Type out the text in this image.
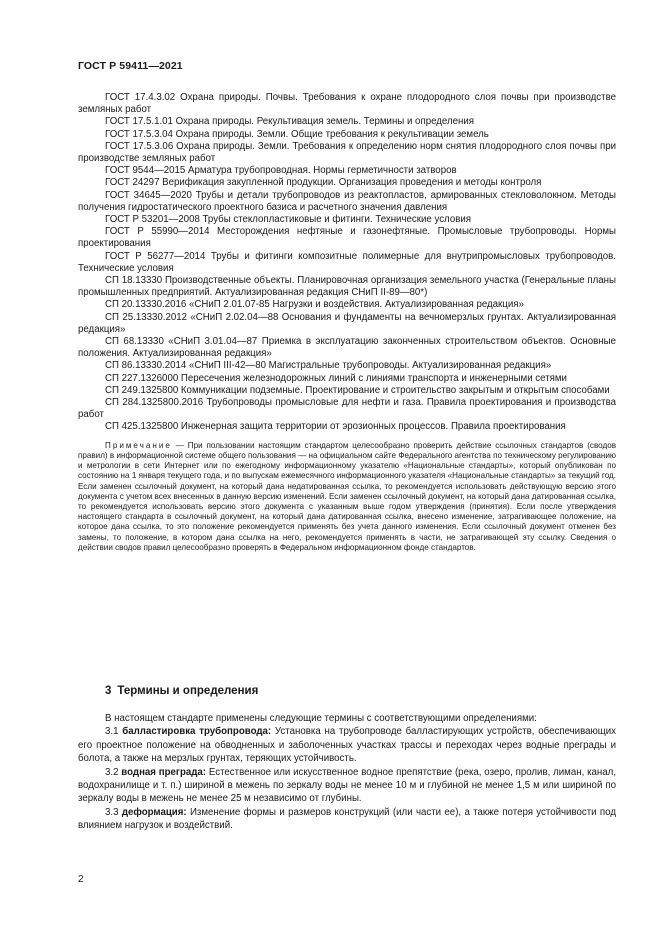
ГОСТ Р 59411—2021

ГОСТ 17.4.3.02 Охрана природы. Почвы. Требования к охране плодородного слоя почвы при производстве земляных работ

ГОСТ 17.5.1.01 Охрана природы. Рекультивация земель. Термины и определения

ГОСТ 17.5.3.04 Охрана природы. Земли. Общие требования к рекультивации земель

ГОСТ 17.5.3.06 Охрана природы. Земли. Требования к определению норм снятия плодородного слоя почвы при производстве земляных работ

ГОСТ 9544—2015 Арматура трубопроводная. Нормы герметичности затворов

ГОСТ 24297 Верификация закупленной продукции. Организация проведения и методы контроля

ГОСТ 34645—2020 Трубы и детали трубопроводов из реактопластов, армированных стекловолокном. Методы получения гидростатического проектного базиса и расчетного значения давления

ГОСТ Р 53201—2008 Трубы стеклопластиковые и фитинги. Технические условия

ГОСТ Р 55990—2014 Месторождения нефтяные и газонефтяные. Промысловые трубопроводы. Нормы проектирования

ГОСТ Р 56277—2014 Трубы и фитинги композитные полимерные для внутрипромысловых трубопроводов. Технические условия

СП 18.13330 Производственные объекты. Планировочная организация земельного участка (Генеральные планы промышленных предприятий. Актуализированная редакция СНиП II-89—80*)

СП 20.13330.2016 «СНиП 2.01.07-85 Нагрузки и воздействия. Актуализированная редакция»

СП 25.13330.2012 «СНиП 2.02.04—88 Основания и фундаменты на вечномерзлых грунтах. Актуализированная редакция»

СП 68.13330 «СНиП 3.01.04—87 Приемка в эксплуатацию законченных строительством объектов. Основные положения. Актуализированная редакция»

СП 86.13330.2014 «СНиП III-42—80 Магистральные трубопроводы. Актуализированная редакция»

СП 227.1326000 Пересечения железнодорожных линий с линиями транспорта и инженерными сетями

СП 249.1325800 Коммуникации подземные. Проектирование и строительство закрытым и открытым способами

СП 284.1325800.2016 Трубопроводы промысловые для нефти и газа. Правила проектирования и производства работ

СП 425.1325800 Инженерная защита территории от эрозионных процессов. Правила проектирования

Примечание — При пользовании настоящим стандартом целесообразно проверить действие ссылочных стандартов (сводов правил) в информационной системе общего пользования — на официальном сайте Федерального агентства по техническому регулированию и метрологии в сети Интернет или по ежегодному информационному указателю «Национальные стандарты», который опубликован по состоянию на 1 января текущего года, и по выпускам ежемесячного информационного указателя «Национальные стандарты» за текущий год. Если заменен ссылочный документ, на который дана недатированная ссылка, то рекомендуется использовать действующую версию этого документа с учетом всех внесенных в данную версию изменений. Если заменен ссылочный документ, на который дана датированная ссылка, то рекомендуется использовать версию этого документа с указанным выше годом утверждения (принятия). Если после утверждения настоящего стандарта в ссылочный документ, на который дана датированная ссылка, внесено изменение, затрагивающее положение, на которое дана ссылка, то это положение рекомендуется применять без учета данного изменения. Если ссылочный документ отменен без замены, то положение, в котором дана ссылка на него, рекомендуется применять в части, не затрагивающей эту ссылку. Сведения о действии сводов правил целесообразно проверять в Федеральном информационном фонде стандартов.
3 Термины и определения

В настоящем стандарте применены следующие термины с соответствующими определениями:

3.1 балластировка трубопровода: Установка на трубопроводе балластирующих устройств, обеспечивающих его проектное положение на обводненных и заболоченных участках трассы и переходах через водные преграды и болота, а также на мерзлых грунтах, теряющих устойчивость.

3.2 водная преграда: Естественное или искусственное водное препятствие (река, озеро, пролив, лиман, канал, водохранилище и т. п.) шириной в межень по зеркалу воды не менее 10 м и глубиной не менее 1,5 м или шириной по зеркалу воды в межень не менее 25 м независимо от глубины.

3.3 деформация: Изменение формы и размеров конструкций (или части ее), а также потеря устойчивости под влиянием нагрузок и воздействий.

2
